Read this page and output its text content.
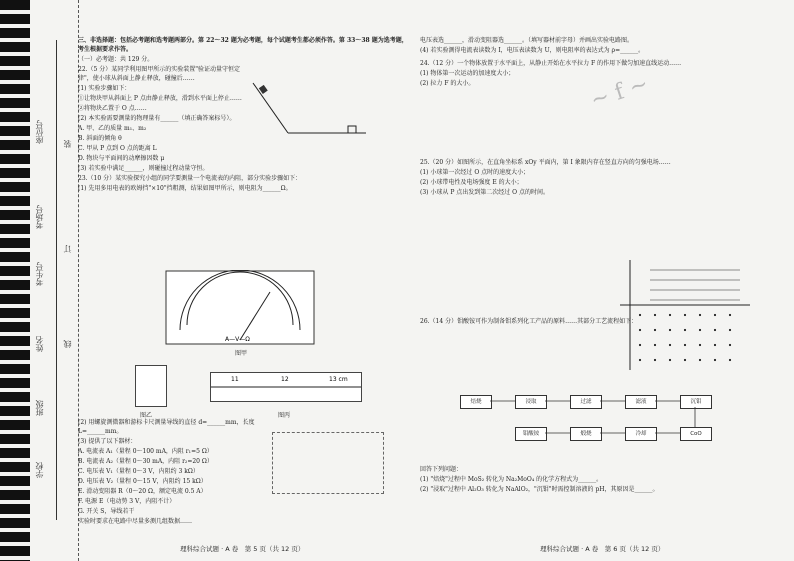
座位号
考场号
考生号
姓名
班级
学校
装
订
线

三、非选择题：包括必考题和选考题两部分。第 22～32 题为必考题，每个试题考生都必须作答。第 33～38 题为选考题，考生根据要求作答。

（一）必考题：共 129 分。

22.（5 分）某同学利用图甲所示的实验装置"验证动量守恒定律"，使小球从斜面上静止释放，碰撞后……

(1) 实验步骤如下：

①让物块甲从斜面上 P 点由静止释放，滑到水平面上停止……

②将物块乙置于 O 点……

(2) 本实验需要测量的物理量有______（填正确答案标号）。

A. 甲、乙的质量 m₁、m₂

B. 斜面的倾角 θ

C. 甲从 P 点到 O 点的距离 L

D. 物块与平面间的动摩擦因数 μ

(3) 若实验中满足______，则碰撞过程动量守恒。

23.（10 分）某实验探究小组的同学要测量一个电流表的内阻，部分实验步骤如下：

(1) 先用多用电表的欧姆挡"×10"挡粗测，结果如图甲所示，则电阻为______Ω。

A—V—Ω
图甲
图乙
11	12	13 cm
图丙

(2) 用螺旋测微器和游标卡尺测量导线的直径 d=______mm，长度 L=______mm。

(3) 提供了以下器材：

A. 电流表 A₁（量程 0～100 mA，内阻 r₁=5 Ω）

B. 电流表 A₂（量程 0～30 mA，内阻 r₂=20 Ω）

C. 电压表 V₁（量程 0～3 V，内阻约 3 kΩ）

D. 电压表 V₂（量程 0～15 V，内阻约 15 kΩ）

E. 滑动变阻器 R（0～20 Ω，额定电流 0.5 A）

F. 电源 E（电动势 3 V，内阻不计）

G. 开关 S，导线若干

实验时要求在电路中尽量多测几组数据……

理科综合试题 · A 卷　第 5 页（共 12 页）

电压表选______，滑动变阻器选______。（填写器材前字母）并画出实验电路图。

(4) 若实验测得电流表读数为 I，电压表读数为 U，则电阻率的表达式为 ρ=______。

24.（12 分）一个物体放置于水平面上，从静止开始在水平拉力 F 的作用下做匀加速直线运动……

(1) 物体第一次运动的加速度大小；

(2) 拉力 F 的大小。

25.（20 分）如图所示，在直角坐标系 xOy 平面内，第 I 象限内存在竖直方向的匀强电场……

(1) 小球第一次经过 O 点时的速度大小；

(2) 小球带电性及电场强度 E 的大小；

(3) 小球从 P 点出发到第二次经过 O 点的时间。

26.（14 分）钼酸铵可作为制备钼系列化工产品的原料……其部分工艺流程如下：

~ f ~
焙烧	浸取	过滤	滤液	沉钼
钼酸铵	煅烧	冷却	CoO

回答下列问题：

(1) "焙烧"过程中 MoS₂ 转化为 Na₂MoO₄ 的化学方程式为______。

(2) "浸取"过程中 Al₂O₃ 转化为 NaAlO₂，"沉钼"时需控制溶液的 pH，其原因是______。

理科综合试题 · A 卷　第 6 页（共 12 页）
